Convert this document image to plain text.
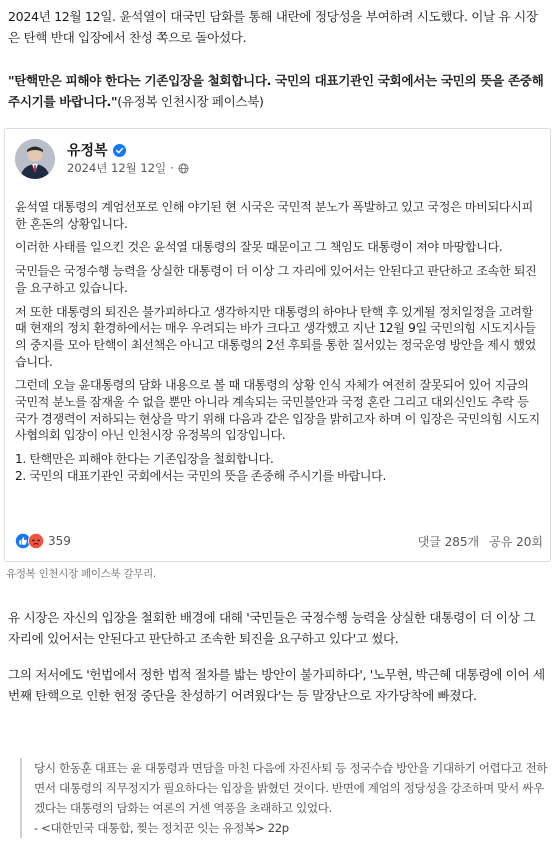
2024년 12월 12일. 윤석열이 대국민 담화를 통해 내란에 정당성을 부여하려 시도했다. 이날 유 시장은 탄핵 반대 입장에서 찬성 쪽으로 돌아섰다.
"탄핵만은 피해야 한다는 기존입장을 철회합니다. 국민의 대표기관인 국회에서는 국민의 뜻을 존중해 주시기를 바랍니다."(유정복 인천시장 페이스북)
유정복
2024년 12월 12일 ·

윤석열 대통령의 계엄선포로 인해 야기된 현 시국은 국민적 분노가 폭발하고 있고 국정은 마비되다시피한 혼돈의 상황입니다.

이러한 사태를 일으킨 것은 윤석열 대통령의 잘못 때문이고 그 책임도 대통령이 져야 마땅합니다.

국민들은 국정수행 능력을 상실한 대통령이 더 이상 그 자리에 있어서는 안된다고 판단하고 조속한 퇴진을 요구하고 있습니다.

저 또한 대통령의 퇴진은 불가피하다고 생각하지만 대통령의 하야나 탄핵 후 있게될 정치일정을 고려할 때 현재의 정치 환경하에서는 매우 우려되는 바가 크다고 생각했고 지난 12월 9일 국민의힘 시도지사들의 중지를 모아 탄핵이 최선책은 아니고 대통령의 2선 후퇴를 통한 질서있는 정국운영 방안을 제시 했었습니다.

그런데 오늘 윤대통령의 담화 내용으로 볼 때 대통령의 상황 인식 자체가 여전히 잘못되어 있어 지금의 국민적 분노를 잠재울 수 없을 뿐만 아니라 계속되는 국민불안과 국정 혼란 그리고 대외신인도 추락 등 국가 경쟁력이 저하되는 현상을 막기 위해 다음과 같은 입장을 밝히고자 하며 이 입장은 국민의힘 시도지사협의회 입장이 아닌 인천시장 유정복의 입장입니다.

1. 탄핵만은 피해야 한다는 기존입장을 철회합니다.

2. 국민의 대표기관인 국회에서는 국민의 뜻을 존중해 주시기를 바랍니다.

359	댓글 285개 공유 20회
유정복 인천시장 페이스북 갈무리.
유 시장은 자신의 입장을 철회한 배경에 대해 '국민들은 국정수행 능력을 상실한 대통령이 더 이상 그 자리에 있어서는 안된다고 판단하고 조속한 퇴진을 요구하고 있다'고 썼다.
그의 저서에도 '헌법에서 정한 법적 절차를 밟는 방안이 불가피하다', '노무현, 박근혜 대통령에 이어 세 번째 탄핵으로 인한 헌정 중단을 찬성하기 어려웠다'는 등 말장난으로 자가당착에 빠졌다.
당시 한동훈 대표는 윤 대통령과 면담을 마친 다음에 자진사퇴 등 정국수습 방안을 기대하기 어렵다고 전하면서 대통령의 직무정지가 필요하다는 입장을 밝혔던 것이다. 반면에 계엄의 정당성을 강조하며 맞서 싸우겠다는 대통령의 담화는 여론의 거센 역풍을 초래하고 있었다.
- <대한민국 대통합, 찢는 정치꾼 잇는 유정복> 22p
